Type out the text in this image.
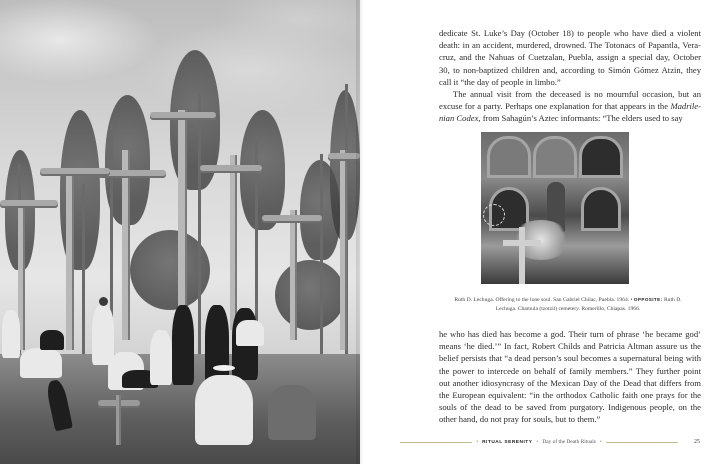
dedicate St. Luke’s Day (October 18) to people who have died a violent death: in an accident, murdered, drowned. The Totonacs of Papantla, Veracruz, and the Nahuas of Cuetzalan, Puebla, assign a special day, October 30, to non-baptized children and, according to Simón Gómez Atzin, they call it “the day of people in limbo.”

The annual visit from the deceased is no mournful occasion, but an excuse for a party. Perhaps one explanation for that appears in the Madrilenian Codex, from Sahagún’s Aztec informants: “The elders used to say

Ruth D. Lechuga. Offering to the lone soul. San Gabriel Chilac, Puebla. 1964. • OPPOSITE: Ruth D. Lechuga. Chamula (tzotzil) cemetery. Romerillo, Chiapas. 1966.

he who has died has become a god. Their turn of phrase ‘he became god’ means ‘he died.’” In fact, Robert Childs and Patricia Altman assure us the belief persists that “a dead person’s soul becomes a supernatural being with the power to intercede on behalf of family members.” They further point out another idiosyncrasy of the Mexican Day of the Dead that differs from the European equivalent: “in the orthodox Catholic faith one prays for the souls of the dead to be saved from purgatory. Indigenous people, on the other hand, do not pray for souls, but to them.”

• RITUAL SERENITY • Day of the Death Rituals •	25
